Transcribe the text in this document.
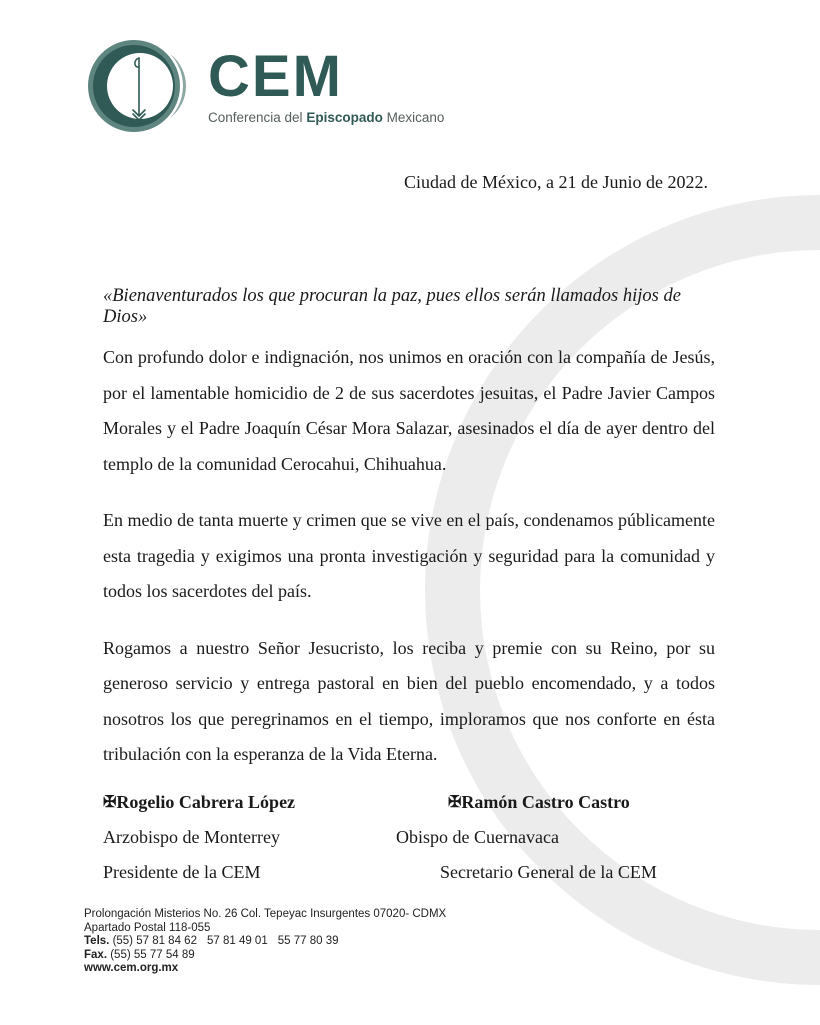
CEM
Conferencia del Episcopado Mexicano
Ciudad de México, a 21 de Junio de 2022.
«Bienaventurados los que procuran la paz, pues ellos serán llamados hijos de Dios»

Con profundo dolor e indignación, nos unimos en oración con la compañía de Jesús, por el lamentable homicidio de 2 de sus sacerdotes jesuitas, el Padre Javier Campos Morales y el Padre Joaquín César Mora Salazar, asesinados el día de ayer dentro del templo de la comunidad Cerocahui, Chihuahua.

En medio de tanta muerte y crimen que se vive en el país, condenamos públicamente esta tragedia y exigimos una pronta investigación y seguridad para la comunidad y todos los sacerdotes del país.

Rogamos a nuestro Señor Jesucristo, los reciba y premie con su Reino, por su generoso servicio y entrega pastoral en bien del pueblo encomendado, y a todos nosotros los que peregrinamos en el tiempo, imploramos que nos conforte en ésta tribulación con la esperanza de la Vida Eterna.

✠Rogelio Cabrera López
Arzobispo de Monterrey
Presidente de la CEM
✠Ramón Castro Castro
Obispo de Cuernavaca
Secretario General de la CEM
Prolongación Misterios No. 26 Col. Tepeyac Insurgentes 07020- CDMX
Apartado Postal 118-055
Tels. (55) 57 81 84 62 57 81 49 01 55 77 80 39
Fax. (55) 55 77 54 89
www.cem.org.mx
